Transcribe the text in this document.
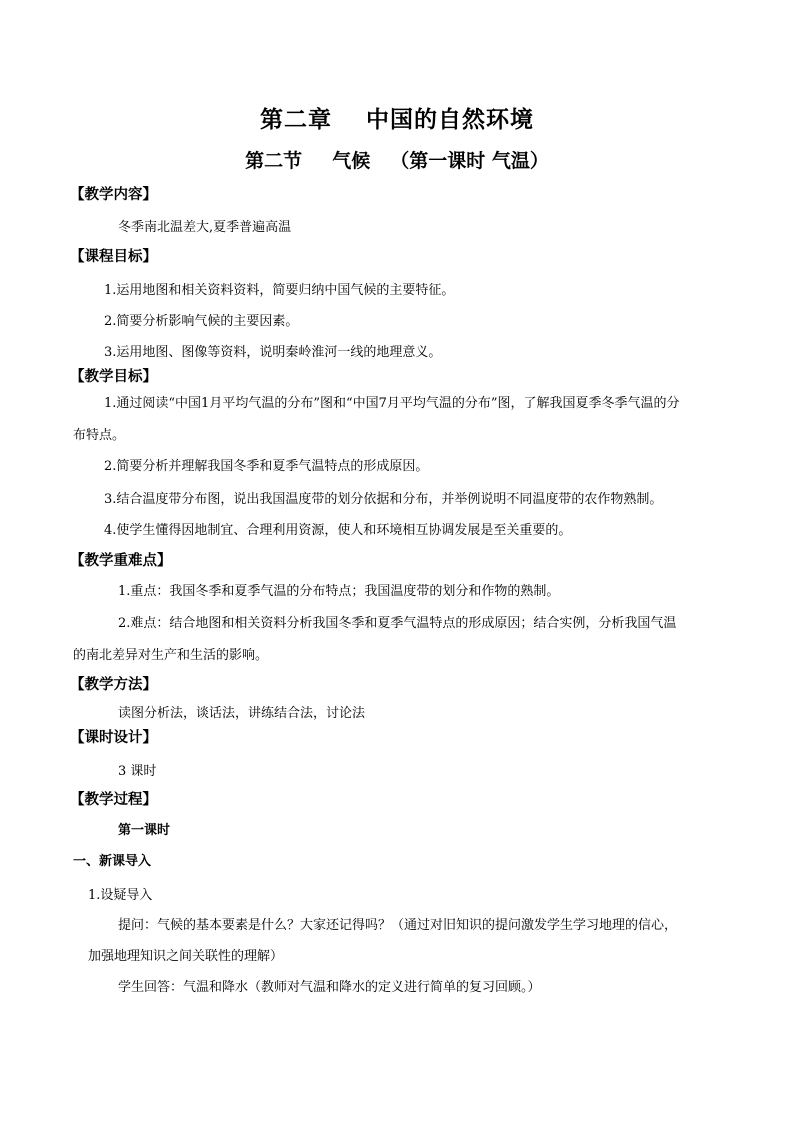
第二章 中国的自然环境
第二节 气候 （第一课时 气温）
【教学内容】
冬季南北温差大,夏季普遍高温
【课程目标】
1.运用地图和相关资料资料，简要归纳中国气候的主要特征。
2.简要分析影响气候的主要因素。
3.运用地图、图像等资料，说明秦岭淮河一线的地理意义。
【教学目标】
1.通过阅读“中国1月平均气温的分布”图和“中国7月平均气温的分布”图，了解我国夏季冬季气温的分
布特点。
2.简要分析并理解我国冬季和夏季气温特点的形成原因。
3.结合温度带分布图，说出我国温度带的划分依据和分布，并举例说明不同温度带的农作物熟制。
4.使学生懂得因地制宜、合理利用资源，使人和环境相互协调发展是至关重要的。
【教学重难点】
1.重点：我国冬季和夏季气温的分布特点；我国温度带的划分和作物的熟制。
2.难点：结合地图和相关资料分析我国冬季和夏季气温特点的形成原因；结合实例，分析我国气温
的南北差异对生产和生活的影响。
【教学方法】
读图分析法，谈话法，讲练结合法，讨论法
【课时设计】
3 课时
【教学过程】
第一课时
一、新课导入
1.设疑导入
提问：气候的基本要素是什么？大家还记得吗？（通过对旧知识的提问激发学生学习地理的信心，
加强地理知识之间关联性的理解）
学生回答：气温和降水（教师对气温和降水的定义进行简单的复习回顾。）
